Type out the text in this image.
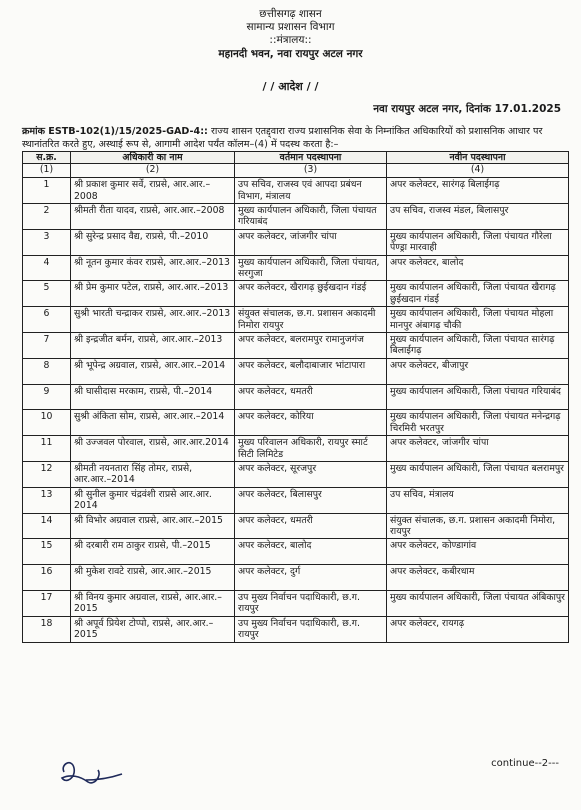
छत्तीसगढ़ शासन
सामान्य प्रशासन विभाग
::मंत्रालय::
महानदी भवन, नवा रायपुर अटल नगर
/ / आदेश / /
नवा रायपुर अटल नगर, दिनांक 17.01.2025
क्रमांक ESTB-102(1)/15/2025-GAD-4:: राज्य शासन एतद्द्वारा राज्य प्रशासनिक सेवा के निम्नांकित अधिकारियों को प्रशासनिक आधार पर स्थानांतरित करते हुए, अस्थाई रूप से, आगामी आदेश पर्यंत कॉलम–(4) में पदस्थ करता है:–
स.क्र.	अधिकारी का नाम	वर्तमान पदस्थापना	नवीन पदस्थापना
(1)	(2)	(3)	(4)
1	श्री प्रकाश कुमार सर्वे, राप्रसे, आर.आर.–2008	उप सचिव, राजस्व एवं आपदा प्रबंधन विभाग, मंत्रालय	अपर कलेक्टर, सारंगढ़ बिलाईगढ़
2	श्रीमती रीता यादव, राप्रसे, आर.आर.–2008	मुख्य कार्यपालन अधिकारी, जिला पंचायत गरियाबंद	उप सचिव, राजस्व मंडल, बिलासपुर
3	श्री सुरेन्द्र प्रसाद वैद्य, राप्रसे, पी.–2010	अपर कलेक्टर, जांजगीर चांपा	मुख्य कार्यपालन अधिकारी, जिला पंचायत गौरेला पेण्ड्रा मारवाही
4	श्री नूतन कुमार कंवर राप्रसे, आर.आर.–2013	मुख्य कार्यपालन अधिकारी, जिला पंचायत, सरगुजा	अपर कलेक्टर, बालोद
5	श्री प्रेम कुमार पटेल, राप्रसे, आर.आर.–2013	अपर कलेक्टर, खैरागढ़ छुईखदान गंडई	मुख्य कार्यपालन अधिकारी, जिला पंचायत खैरागढ़ छुईखदान गंडई
6	सुश्री भारती चन्द्राकर राप्रसे, आर.आर.–2013	संयुक्त संचालक, छ.ग. प्रशासन अकादमी निमोरा रायपुर	मुख्य कार्यपालन अधिकारी, जिला पंचायत मोहला मानपुर अंबागढ़ चौकी
7	श्री इन्द्रजीत बर्मन, राप्रसे, आर.आर.–2013	अपर कलेक्टर, बलरामपुर रामानुजगंज	मुख्य कार्यपालन अधिकारी, जिला पंचायत सारंगढ़ बिलाईगढ़
8	श्री भूपेन्द्र अग्रवाल, राप्रसे, आर.आर.–2014	अपर कलेक्टर, बलौदाबाजार भांटापारा	अपर कलेक्टर, बीजापुर
9	श्री घासीदास मरकाम, राप्रसे, पी.–2014	अपर कलेक्टर, धमतरी	मुख्य कार्यपालन अधिकारी, जिला पंचायत गरियाबंद
10	सुश्री अंकिता सोम, राप्रसे, आर.आर.–2014	अपर कलेक्टर, कोरिया	मुख्य कार्यपालन अधिकारी, जिला पंचायत मनेन्द्रगढ़ चिरमिरी भरतपुर
11	श्री उज्जवल पोरवाल, राप्रसे, आर.आर.2014	मुख्य परिवालन अधिकारी, रायपुर स्मार्ट सिटी लिमिटेड	अपर कलेक्टर, जांजगीर चांपा
12	श्रीमती नयनतारा सिंह तोमर, राप्रसे, आर.आर.–2014	अपर कलेक्टर, सूरजपुर	मुख्य कार्यपालन अधिकारी, जिला पंचायत बलरामपुर
13	श्री सुनील कुमार चंद्रवंशी राप्रसे आर.आर. 2014	अपर कलेक्टर, बिलासपुर	उप सचिव, मंत्रालय
14	श्री विभोर अग्रवाल राप्रसे, आर.आर.–2015	अपर कलेक्टर, धमतरी	संयुक्त संचालक, छ.ग. प्रशासन अकादमी निमोरा, रायपुर
15	श्री दरबारी राम ठाकुर राप्रसे, पी.–2015	अपर कलेक्टर, बालोद	अपर कलेक्टर, कोण्डागांव
16	श्री मुकेश रावटे राप्रसे, आर.आर.–2015	अपर कलेक्टर, दुर्ग	अपर कलेक्टर, कबीरधाम
17	श्री विनय कुमार अग्रवाल, राप्रसे, आर.आर.–2015	उप मुख्य निर्वाचन पदाधिकारी, छ.ग. रायपुर	मुख्य कार्यपालन अधिकारी, जिला पंचायत अंबिकापुर
18	श्री अपूर्व प्रियेश टोप्पो, राप्रसे, आर.आर.–2015	उप मुख्य निर्वाचन पदाधिकारी, छ.ग. रायपुर	अपर कलेक्टर, रायगढ़
continue--2---
